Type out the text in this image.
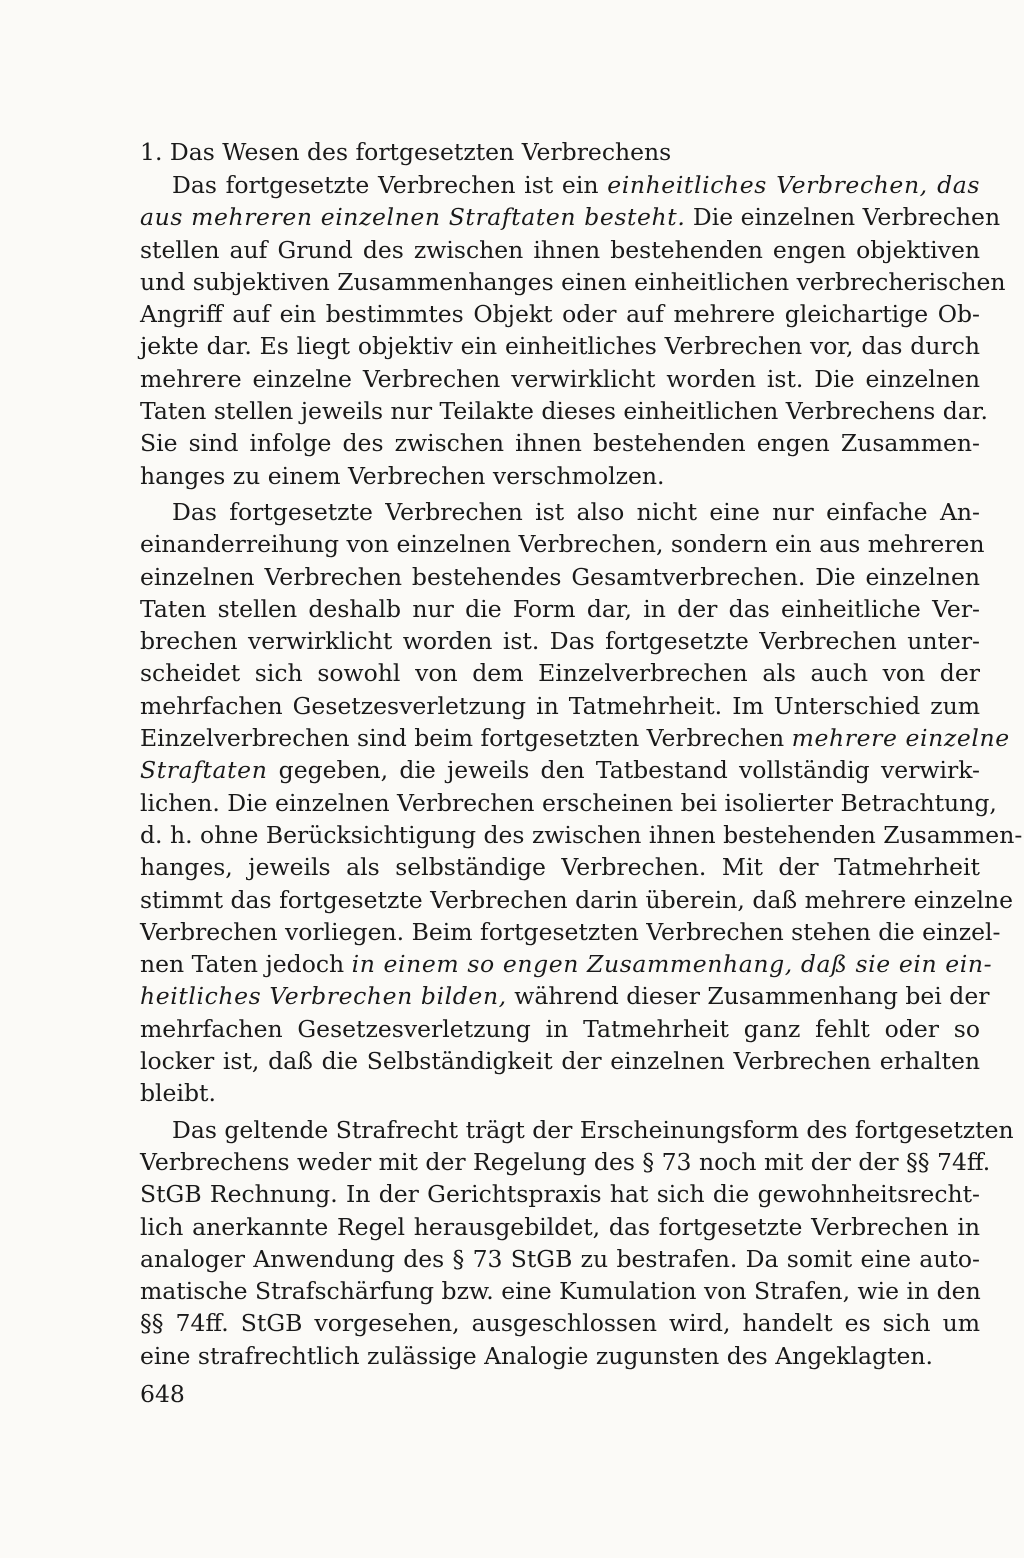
1. Das Wesen des fortgesetzten Verbrechens
Das fortgesetzte Verbrechen ist ein einheitliches Verbrechen, das
aus mehreren einzelnen Straftaten besteht. Die einzelnen Verbrechen
stellen auf Grund des zwischen ihnen bestehenden engen objektiven
und subjektiven Zusammenhanges einen einheitlichen verbrecherischen
Angriff auf ein bestimmtes Objekt oder auf mehrere gleichartige Ob-
jekte dar. Es liegt objektiv ein einheitliches Verbrechen vor, das durch
mehrere einzelne Verbrechen verwirklicht worden ist. Die einzelnen
Taten stellen jeweils nur Teilakte dieses einheitlichen Verbrechens dar.
Sie sind infolge des zwischen ihnen bestehenden engen Zusammen-
hanges zu einem Verbrechen verschmolzen.
Das fortgesetzte Verbrechen ist also nicht eine nur einfache An-
einanderreihung von einzelnen Verbrechen, sondern ein aus mehreren
einzelnen Verbrechen bestehendes Gesamtverbrechen. Die einzelnen
Taten stellen deshalb nur die Form dar, in der das einheitliche Ver-
brechen verwirklicht worden ist. Das fortgesetzte Verbrechen unter-
scheidet sich sowohl von dem Einzelverbrechen als auch von der
mehrfachen Gesetzesverletzung in Tatmehrheit. Im Unterschied zum
Einzelverbrechen sind beim fortgesetzten Verbrechen mehrere einzelne
Straftaten gegeben, die jeweils den Tatbestand vollständig verwirk-
lichen. Die einzelnen Verbrechen erscheinen bei isolierter Betrachtung,
d. h. ohne Berücksichtigung des zwischen ihnen bestehenden Zusammen-
hanges, jeweils als selbständige Verbrechen. Mit der Tatmehrheit
stimmt das fortgesetzte Verbrechen darin überein, daß mehrere einzelne
Verbrechen vorliegen. Beim fortgesetzten Verbrechen stehen die einzel-
nen Taten jedoch in einem so engen Zusammenhang, daß sie ein ein-
heitliches Verbrechen bilden, während dieser Zusammenhang bei der
mehrfachen Gesetzesverletzung in Tatmehrheit ganz fehlt oder so
locker ist, daß die Selbständigkeit der einzelnen Verbrechen erhalten
bleibt.
Das geltende Strafrecht trägt der Erscheinungsform des fortgesetzten
Verbrechens weder mit der Regelung des § 73 noch mit der der §§ 74ff.
StGB Rechnung. In der Gerichtspraxis hat sich die gewohnheitsrecht-
lich anerkannte Regel herausgebildet, das fortgesetzte Verbrechen in
analoger Anwendung des § 73 StGB zu bestrafen. Da somit eine auto-
matische Strafschärfung bzw. eine Kumulation von Strafen, wie in den
§§ 74ff. StGB vorgesehen, ausgeschlossen wird, handelt es sich um
eine strafrechtlich zulässige Analogie zugunsten des Angeklagten.
648
